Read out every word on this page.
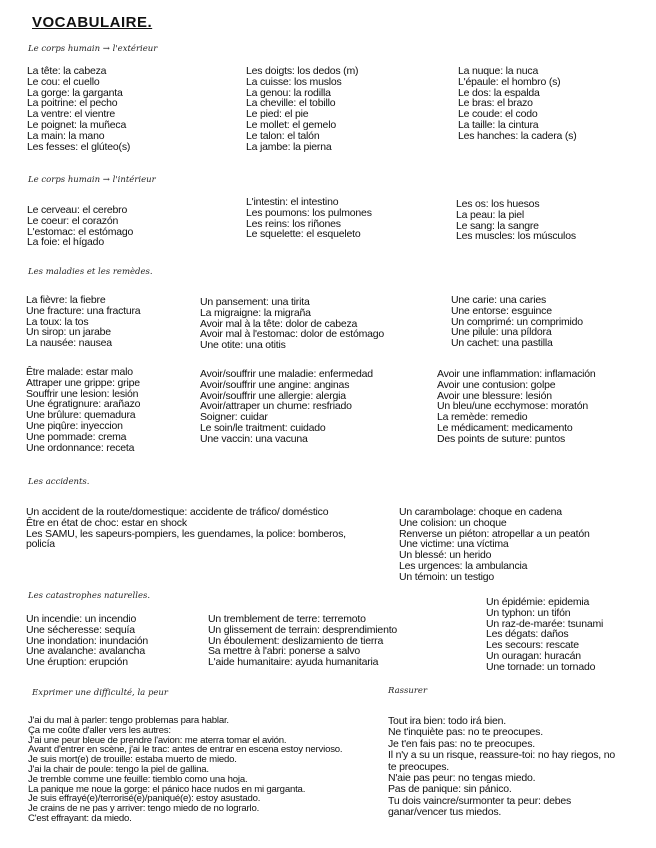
VOCABULAIRE.
Le corps humain → l'extérieur
La tête: la cabeza
Le cou: el cuello
La gorge: la garganta
La poitrine: el pecho
La ventre: el vientre
Le poignet: la muñeca
La main: la mano
Les fesses: el glúteo(s)
Les doigts: los dedos (m)
La cuisse: los muslos
La genou: la rodilla
La cheville: el tobillo
Le pied: el pie
Le mollet: el gemelo
Le talon: el talón
La jambe: la pierna
La nuque: la nuca
L'épaule: el hombro (s)
Le dos: la espalda
Le bras: el brazo
Le coude: el codo
La taille: la cintura
Les hanches: la cadera (s)
Le corps humain → l'intérieur
Le cerveau: el cerebro
Le coeur: el corazón
L'estomac: el estómago
La foie: el hígado
L'intestin: el intestino
Les poumons: los pulmones
Les reins: los riñones
Le squelette: el esqueleto
Les os: los huesos
La peau: la piel
Le sang: la sangre
Les muscles: los músculos
Les maladies et les remèdes.
La fièvre: la fiebre
Une fracture: una fractura
La toux: la tos
Un sirop: un jarabe
La nausée: nausea
Un pansement: una tirita
La migraigne: la migraña
Avoir mal à la tête: dolor de cabeza
Avoir mal à l'estomac: dolor de estómago
Une otite: una otitis
Une carie: una caries
Une entorse: esguince
Un comprimé: un comprimido
Une pilule: una píldora
Un cachet: una pastilla
Être malade: estar malo
Attraper une grippe: gripe
Souffrir une lesion: lesión
Une égratignure: arañazo
Une brûlure: quemadura
Une piqûre: inyeccion
Une pommade: crema
Une ordonnance: receta
Avoir/souffrir une maladie: enfermedad
Avoir/souffrir une angine: anginas
Avoir/souffrir une allergie: alergia
Avoir/attraper un chume: resfriado
Soigner: cuidar
Le soin/le traitment: cuidado
Une vaccin: una vacuna
Avoir une inflammation: inflamación
Avoir une contusion: golpe
Avoir une blessure: lesión
Un bleu/une ecchymose: moratón
La remède: remedio
Le médicament: medicamento
Des points de suture: puntos
Les accidents.
Un accident de la route/domestique: accidente de tráfico/ doméstico
Être en état de choc: estar en shock
Les SAMU, les sapeurs-pompiers, les guendames, la police: bomberos, policía
Un carambolage: choque en cadena
Une colision: un choque
Renverse un piéton: atropellar a un peatón
Une victime: una víctima
Un blessé: un herido
Les urgences: la ambulancia
Un témoin: un testigo
Les catastrophes naturelles.
Un incendie: un incendio
Une sécheresse: sequía
Une inondation: inundación
Une avalanche: avalancha
Une éruption: erupción
Un tremblement de terre: terremoto
Un glissement de terrain: desprendimiento
Un éboulement: deslizamiento de tierra
Sa mettre à l'abri: ponerse a salvo
L'aide humanitaire: ayuda humanitaria
Un épidémie: epidemia
Un typhon: un tifón
Un raz-de-marée: tsunami
Les dégats: daños
Les secours: rescate
Un ouragan: huracán
Une tornade: un tornado
Exprimer une difficulté, la peur	Rassurer
J'ai du mal à parler: tengo problemas para hablar.
Ça me coûte d'aller vers les autres:
J'ai une peur bleue de prendre l'avion: me aterra tomar el avión.
Avant d'entrer en scène, j'ai le trac: antes de entrar en escena estoy nervioso.
Je suis mort(e) de trouille: estaba muerto de miedo.
J'ai la chair de poule: tengo la piel de gallina.
Je tremble comme une feuille: tiemblo como una hoja.
La panique me noue la gorge: el pánico hace nudos en mi garganta.
Je suis effrayé(e)/terrorisé(e)/paniqué(e): estoy asustado.
Je crains de ne pas y arriver: tengo miedo de no lograrlo.
C'est effrayant: da miedo.
Tout ira bien: todo irá bien.
Ne t'inquiète pas: no te preocupes.
Je t'en fais pas: no te preocupes.
Il n'y a su un risque, reassure-toi: no hay riegos, no te preocupes.
N'aie pas peur: no tengas miedo.
Pas de panique: sin pánico.
Tu dois vaincre/surmonter ta peur: debes ganar/vencer tus miedos.
